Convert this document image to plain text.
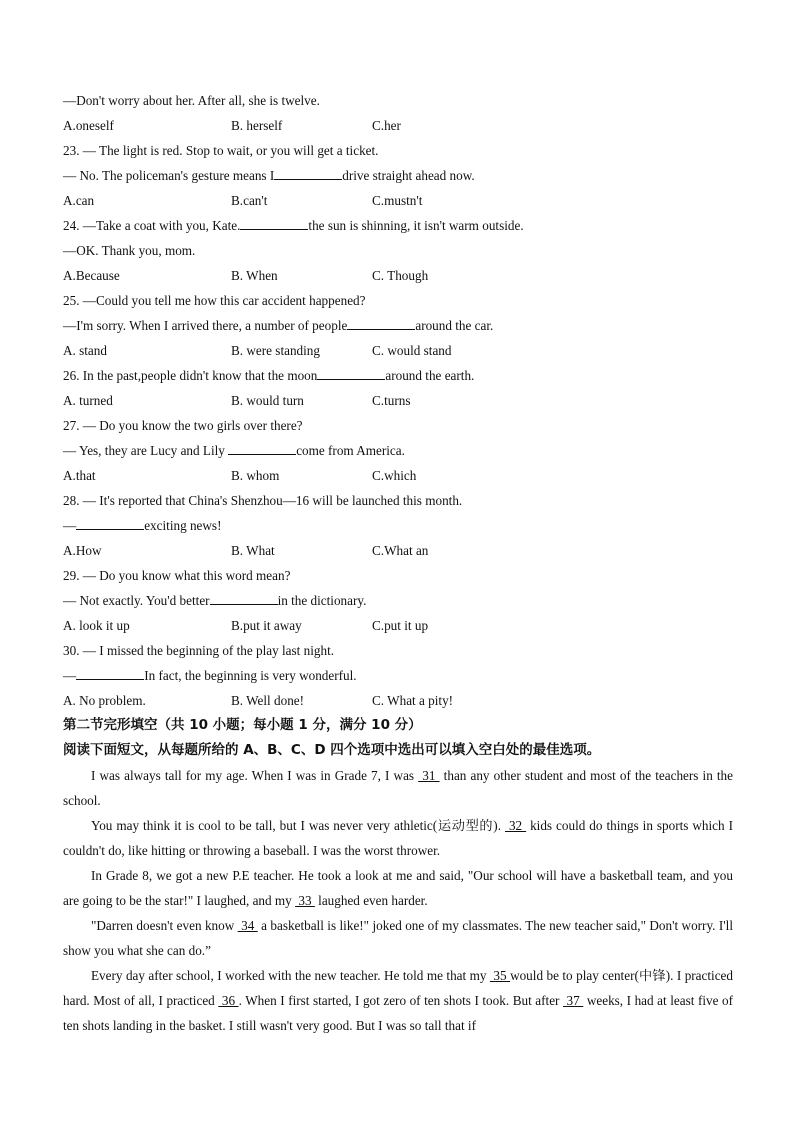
—Don't worry about her. After all, she is twelve.
A.oneself	B. herself	C.her
23. — The light is red. Stop to wait, or you will get a ticket.
— No. The policeman's gesture means I	drive straight ahead now.
A.can	B.can't	C.mustn't
24. —Take a coat with you, Kate.	the sun is shinning, it isn't warm outside.
—OK. Thank you, mom.
A.Because	B. When	C. Though
25. —Could you tell me how this car accident happened?
—I'm sorry. When I arrived there, a number of people	around the car.
A. stand	B. were standing	C. would stand
26. In the past,people didn't know that the moon	around the earth.
A. turned	B. would turn	C.turns
27. — Do you know the two girls over there?
— Yes, they are Lucy and Lily	come from America.
A.that	B. whom	C.which
28. — It's reported that China's Shenzhou—16 will be launched this month.
—	exciting news!
A.How	B. What	C.What an
29. — Do you know what this word mean?
— Not exactly. You'd better	in the dictionary.
A. look it up	B.put it away	C.put it up
30. — I missed the beginning of the play last night.
—	In fact, the beginning is very wonderful.
A. No problem.	B. Well done!	C. What a pity!
第二节完形填空（共 10 小题；每小题 1 分，满分 10 分）
阅读下面短文，从每题所给的 A、B、C、D 四个选项中选出可以填入空白处的最佳选项。
I was always tall for my age. When I was in Grade 7, I was  31  than any other student and most of the teachers in the school.
You may think it is cool to be tall, but I was never very athletic(运动型的).  32  kids could do things in sports which I couldn't do, like hitting or throwing a baseball. I was the worst thrower.
In Grade 8, we got a new P.E teacher. He took a look at me and said, "Our school will have a basketball team, and you are going to be the star!" I laughed, and my  33  laughed even harder.
"Darren doesn't even know  34  a basketball is like!" joked one of my classmates. The new teacher said," Don't worry. I'll show you what she can do.”
Every day after school, I worked with the new teacher. He told me that my  35 would be to play center(中锋). I practiced hard. Most of all, I practiced  36 . When I first started, I got zero of ten shots I took. But after  37  weeks, I had at least five of ten shots landing in the basket. I still wasn't very good. But I was so tall that if
